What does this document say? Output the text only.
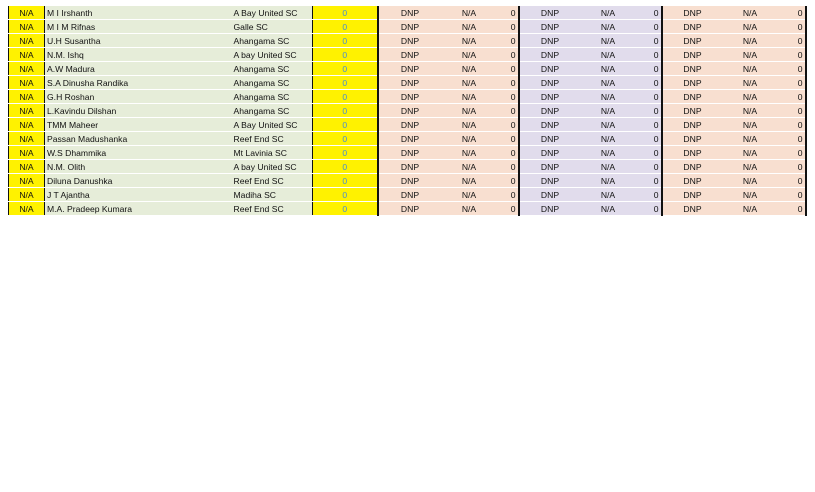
N/A	M I Irshanth	A Bay United SC	0	DNP	N/A	0	DNP	N/A	0	DNP	N/A	0
N/A	M I M Rifnas	Galle SC	0	DNP	N/A	0	DNP	N/A	0	DNP	N/A	0
N/A	U.H Susantha	Ahangama SC	0	DNP	N/A	0	DNP	N/A	0	DNP	N/A	0
N/A	N.M. Ishq	A bay United SC	0	DNP	N/A	0	DNP	N/A	0	DNP	N/A	0
N/A	A.W Madura	Ahangama SC	0	DNP	N/A	0	DNP	N/A	0	DNP	N/A	0
N/A	S.A Dinusha Randika	Ahangama SC	0	DNP	N/A	0	DNP	N/A	0	DNP	N/A	0
N/A	G.H Roshan	Ahangama SC	0	DNP	N/A	0	DNP	N/A	0	DNP	N/A	0
N/A	L.Kavindu Dilshan	Ahangama SC	0	DNP	N/A	0	DNP	N/A	0	DNP	N/A	0
N/A	TMM Maheer	A Bay United SC	0	DNP	N/A	0	DNP	N/A	0	DNP	N/A	0
N/A	Passan Madushanka	Reef End SC	0	DNP	N/A	0	DNP	N/A	0	DNP	N/A	0
N/A	W.S Dhammika	Mt Lavinia SC	0	DNP	N/A	0	DNP	N/A	0	DNP	N/A	0
N/A	N.M. Olith	A bay United SC	0	DNP	N/A	0	DNP	N/A	0	DNP	N/A	0
N/A	Diluna Danushka	Reef End SC	0	DNP	N/A	0	DNP	N/A	0	DNP	N/A	0
N/A	J T Ajantha	Madiha SC	0	DNP	N/A	0	DNP	N/A	0	DNP	N/A	0
N/A	M.A. Pradeep Kumara	Reef End SC	0	DNP	N/A	0	DNP	N/A	0	DNP	N/A	0
